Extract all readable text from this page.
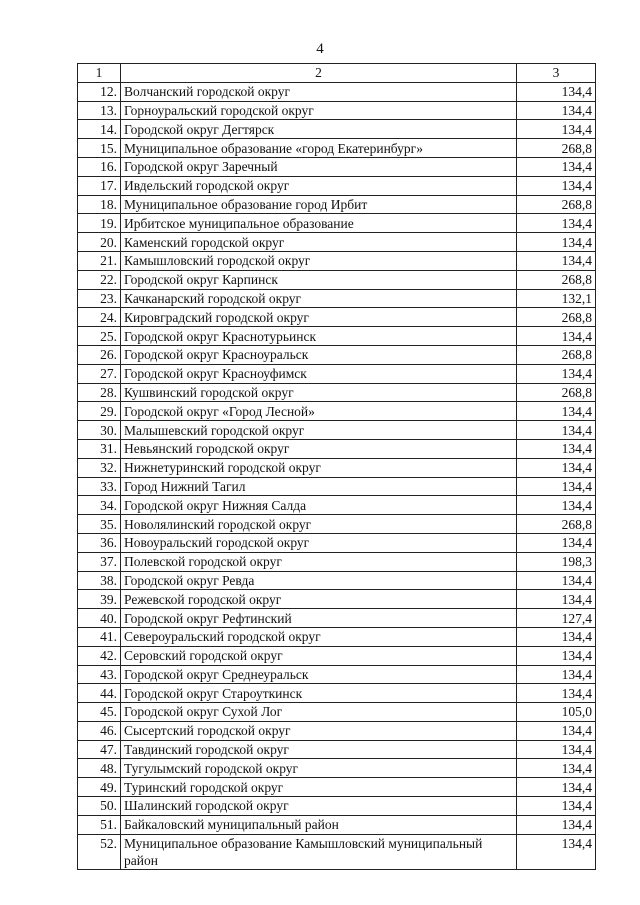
4
1	2	3
12.	Волчанский городской округ	134,4
13.	Горноуральский городской округ	134,4
14.	Городской округ Дегтярск	134,4
15.	Муниципальное образование «город Екатеринбург»	268,8
16.	Городской округ Заречный	134,4
17.	Ивдельский городской округ	134,4
18.	Муниципальное образование город Ирбит	268,8
19.	Ирбитское муниципальное образование	134,4
20.	Каменский городской округ	134,4
21.	Камышловский городской округ	134,4
22.	Городской округ Карпинск	268,8
23.	Качканарский городской округ	132,1
24.	Кировградский городской округ	268,8
25.	Городской округ Краснотурьинск	134,4
26.	Городской округ Красноуральск	268,8
27.	Городской округ Красноуфимск	134,4
28.	Кушвинский городской округ	268,8
29.	Городской округ «Город Лесной»	134,4
30.	Малышевский городской округ	134,4
31.	Невьянский городской округ	134,4
32.	Нижнетуринский городской округ	134,4
33.	Город Нижний Тагил	134,4
34.	Городской округ Нижняя Салда	134,4
35.	Новолялинский городской округ	268,8
36.	Новоуральский городской округ	134,4
37.	Полевской городской округ	198,3
38.	Городской округ Ревда	134,4
39.	Режевской городской округ	134,4
40.	Городской округ Рефтинский	127,4
41.	Североуральский городской округ	134,4
42.	Серовский городской округ	134,4
43.	Городской округ Среднеуральск	134,4
44.	Городской округ Староуткинск	134,4
45.	Городской округ Сухой Лог	105,0
46.	Сысертский городской округ	134,4
47.	Тавдинский городской округ	134,4
48.	Тугулымский городской округ	134,4
49.	Туринский городской округ	134,4
50.	Шалинский городской округ	134,4
51.	Байкаловский муниципальный район	134,4
52.	Муниципальное образование Камышловский муниципальный район	134,4
